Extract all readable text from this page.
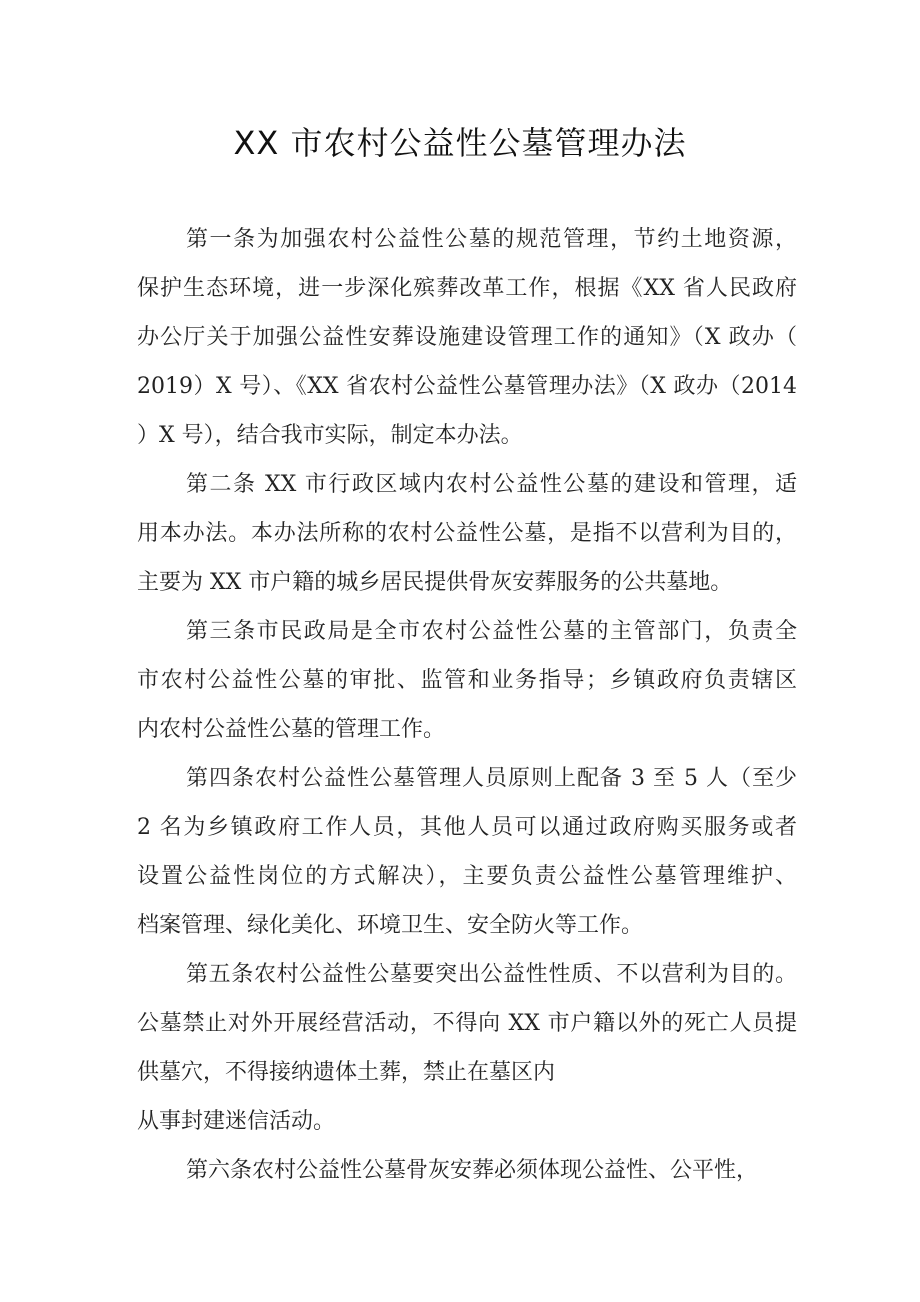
XX 市农村公益性公墓管理办法
第一条为加强农村公益性公墓的规范管理，节约土地资源，
保护生态环境，进一步深化殡葬改革工作，根据《XX 省人民政府
办公厅关于加强公益性安葬设施建设管理工作的通知》（X 政办（
2019）X 号）、《XX 省农村公益性公墓管理办法》（X 政办（2014
）X 号），结合我市实际，制定本办法。
第二条 XX 市行政区域内农村公益性公墓的建设和管理，适
用本办法。本办法所称的农村公益性公墓，是指不以营利为目的，
主要为 XX 市户籍的城乡居民提供骨灰安葬服务的公共墓地。
第三条市民政局是全市农村公益性公墓的主管部门，负责全
市农村公益性公墓的审批、监管和业务指导；乡镇政府负责辖区
内农村公益性公墓的管理工作。
第四条农村公益性公墓管理人员原则上配备 3 至 5 人（至少
2 名为乡镇政府工作人员，其他人员可以通过政府购买服务或者
设置公益性岗位的方式解决），主要负责公益性公墓管理维护、
档案管理、绿化美化、环境卫生、安全防火等工作。
第五条农村公益性公墓要突出公益性性质、不以营利为目的。
公墓禁止对外开展经营活动，不得向 XX 市户籍以外的死亡人员提
供墓穴，不得接纳遗体土葬，禁止在墓区内
从事封建迷信活动。
第六条农村公益性公墓骨灰安葬必须体现公益性、公平性，
